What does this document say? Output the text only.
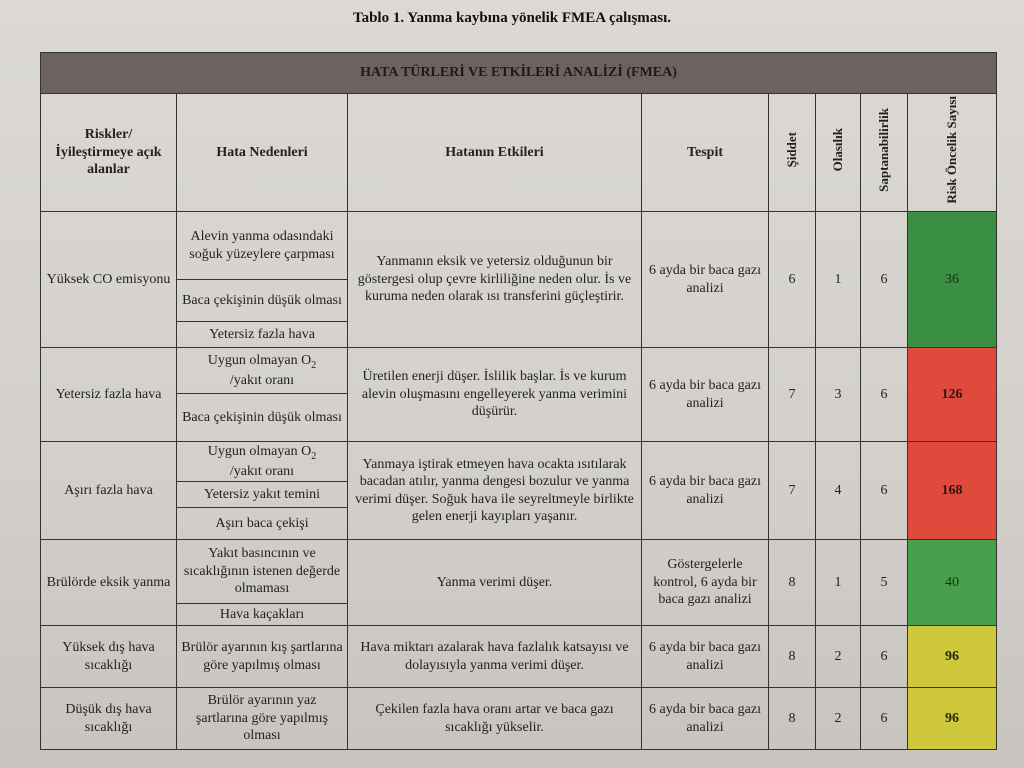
Tablo 1. Yanma kaybına yönelik FMEA çalışması.
HATA TÜRLERİ VE ETKİLERİ ANALİZİ (FMEA)							
Riskler/ İyileştirmeye açık alanlar	Hata Nedenleri	Hatanın Etkileri	Tespit	Şiddet	Olasılık	Saptanabilirlik	Risk Öncelik Sayısı
Yüksek CO emisyonu	Alevin yanma odasındaki soğuk yüzeylere çarpması	Yanmanın eksik ve yetersiz olduğunun bir göstergesi olup çevre kirliliğine neden olur. İs ve kuruma neden olarak ısı transferini güçleştirir.	6 ayda bir baca gazı analizi	6	1	6	36
	Baca çekişinin düşük olması						
	Yetersiz fazla hava						
Yetersiz fazla hava	Uygun olmayan $O_2$
/yakıt oranı	Üretilen enerji düşer. İslilik başlar. İs ve kurum alevin oluşmasını engelleyerek yanma verimini düşürür.	6 ayda bir baca gazı analizi	7	3	6	126
	Baca çekişinin düşük olması						
Aşırı fazla hava	Uygun olmayan $O_2$
/yakıt oranı	Yanmaya iştirak etmeyen hava ocakta ısıtılarak bacadan atılır, yanma dengesi bozulur ve yanma verimi düşer. Soğuk hava ile seyreltmeyle birlikte gelen enerji kayıpları yaşanır.	6 ayda bir baca gazı analizi	7	4	6	168
	Yetersiz yakıt temini						
	Aşırı baca çekişi						
Brülörde eksik yanma	Yakıt basıncının ve sıcaklığının istenen değerde olmaması	Yanma verimi düşer.	Göstergelerle kontrol, 6 ayda bir baca gazı analizi	8	1	5	40
	Hava kaçakları						
Yüksek dış hava sıcaklığı	Brülör ayarının kış şartlarına göre yapılmış olması	Hava miktarı azalarak hava fazlalık katsayısı ve dolayısıyla yanma verimi düşer.	6 ayda bir baca gazı analizi	8	2	6	96
Düşük dış hava sıcaklığı	Brülör ayarının yaz şartlarına göre yapılmış olması	Çekilen fazla hava oranı artar ve baca gazı sıcaklığı yükselir.	6 ayda bir baca gazı analizi	8	2	6	96
